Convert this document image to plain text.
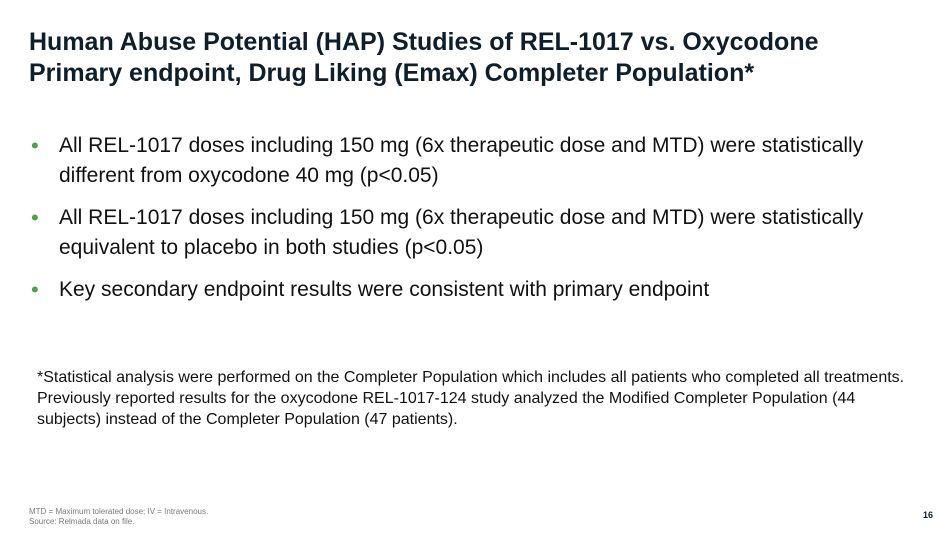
Human Abuse Potential (HAP) Studies of REL-1017 vs. Oxycodone
Primary endpoint, Drug Liking (Emax) Completer Population*
• All REL-1017 doses including 150 mg (6x therapeutic dose and MTD) were statistically different from oxycodone 40 mg (p<0.05)
• All REL-1017 doses including 150 mg (6x therapeutic dose and MTD) were statistically equivalent to placebo in both studies (p<0.05)
• Key secondary endpoint results were consistent with primary endpoint

*Statistical analysis were performed on the Completer Population which includes all patients who completed all treatments. Previously reported results for the oxycodone REL-1017-124 study analyzed the Modified Completer Population (44 subjects) instead of the Completer Population (47 patients).

MTD = Maximum tolerated dose; IV = Intravenous.
Source: Relmada data on file.

16
